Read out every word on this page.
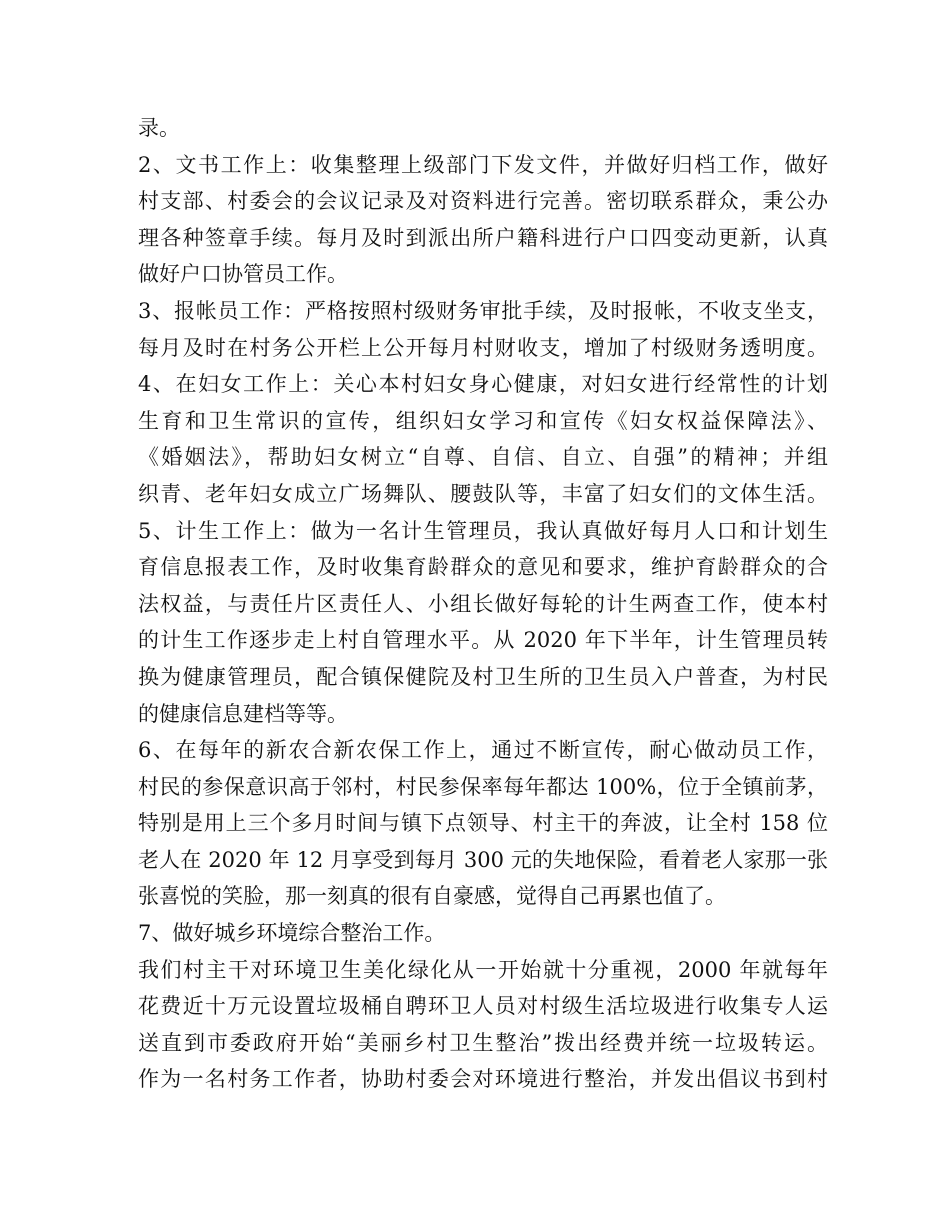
录。
2、文书工作上：收集整理上级部门下发文件，并做好归档工作，做好
村支部、村委会的会议记录及对资料进行完善。密切联系群众，秉公办
理各种签章手续。每月及时到派出所户籍科进行户口四变动更新，认真
做好户口协管员工作。
3、报帐员工作：严格按照村级财务审批手续，及时报帐，不收支坐支，
每月及时在村务公开栏上公开每月村财收支，增加了村级财务透明度。
4、在妇女工作上：关心本村妇女身心健康，对妇女进行经常性的计划
生育和卫生常识的宣传，组织妇女学习和宣传《妇女权益保障法》、
《婚姻法》，帮助妇女树立“自尊、自信、自立、自强”的精神；并组
织青、老年妇女成立广场舞队、腰鼓队等，丰富了妇女们的文体生活。
5、计生工作上：做为一名计生管理员，我认真做好每月人口和计划生
育信息报表工作，及时收集育龄群众的意见和要求，维护育龄群众的合
法权益，与责任片区责任人、小组长做好每轮的计生两查工作，使本村
的计生工作逐步走上村自管理水平。从 2020 年下半年，计生管理员转
换为健康管理员，配合镇保健院及村卫生所的卫生员入户普查，为村民
的健康信息建档等等。
6、在每年的新农合新农保工作上，通过不断宣传，耐心做动员工作，
村民的参保意识高于邻村，村民参保率每年都达 100%，位于全镇前茅，
特别是用上三个多月时间与镇下点领导、村主干的奔波，让全村 158 位
老人在 2020 年 12 月享受到每月 300 元的失地保险，看着老人家那一张
张喜悦的笑脸，那一刻真的很有自豪感，觉得自己再累也值了。
7、做好城乡环境综合整治工作。
我们村主干对环境卫生美化绿化从一开始就十分重视，2000 年就每年
花费近十万元设置垃圾桶自聘环卫人员对村级生活垃圾进行收集专人运
送直到市委政府开始“美丽乡村卫生整治”拨出经费并统一垃圾转运。
作为一名村务工作者，协助村委会对环境进行整治，并发出倡议书到村
